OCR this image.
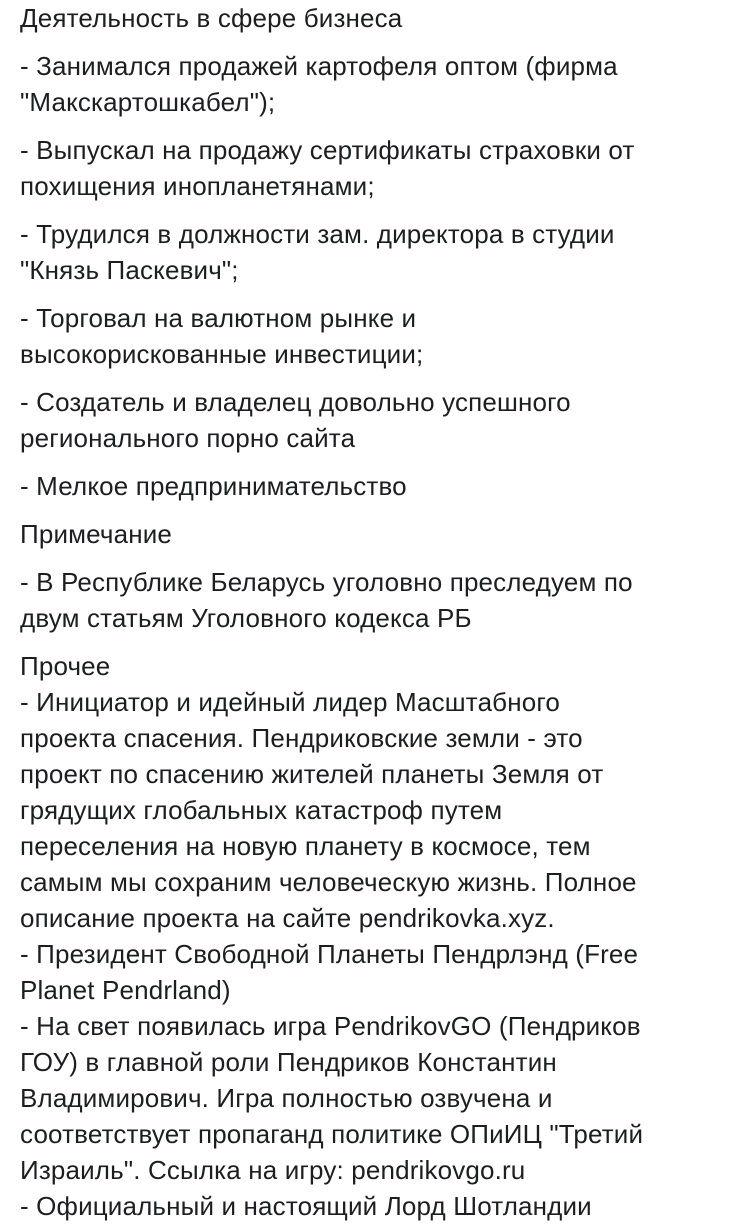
Деятельность в сфере бизнеса
- Занимался продажей картофеля оптом (фирма
"Макскартошкабел");
- Выпускал на продажу сертификаты страховки от
похищения инопланетянами;
- Трудился в должности зам. директора в студии
"Князь Паскевич";
- Торговал на валютном рынке и
высокорискованные инвестиции;
- Создатель и владелец довольно успешного
регионального порно сайта
- Мелкое предпринимательство
Примечание
- В Республике Беларусь уголовно преследуем по
двум статьям Уголовного кодекса РБ
Прочее
- Инициатор и идейный лидер Масштабного
проекта спасения. Пендриковские земли - это
проект по спасению жителей планеты Земля от
грядущих глобальных катастроф путем
переселения на новую планету в космосе, тем
самым мы сохраним человеческую жизнь. Полное
описание проекта на сайте pendrikovka.xyz.
- Президент Свободной Планеты Пендрлэнд (Free
Planet Pendrland)
- На свет появилась игра PendrikovGO (Пендриков
ГОУ) в главной роли Пендриков Константин
Владимирович. Игра полностью озвучена и
соответствует пропаганд политике ОПиИЦ "Третий
Израиль". Ссылка на игру: pendrikovgo.ru
- Официальный и настоящий Лорд Шотландии
